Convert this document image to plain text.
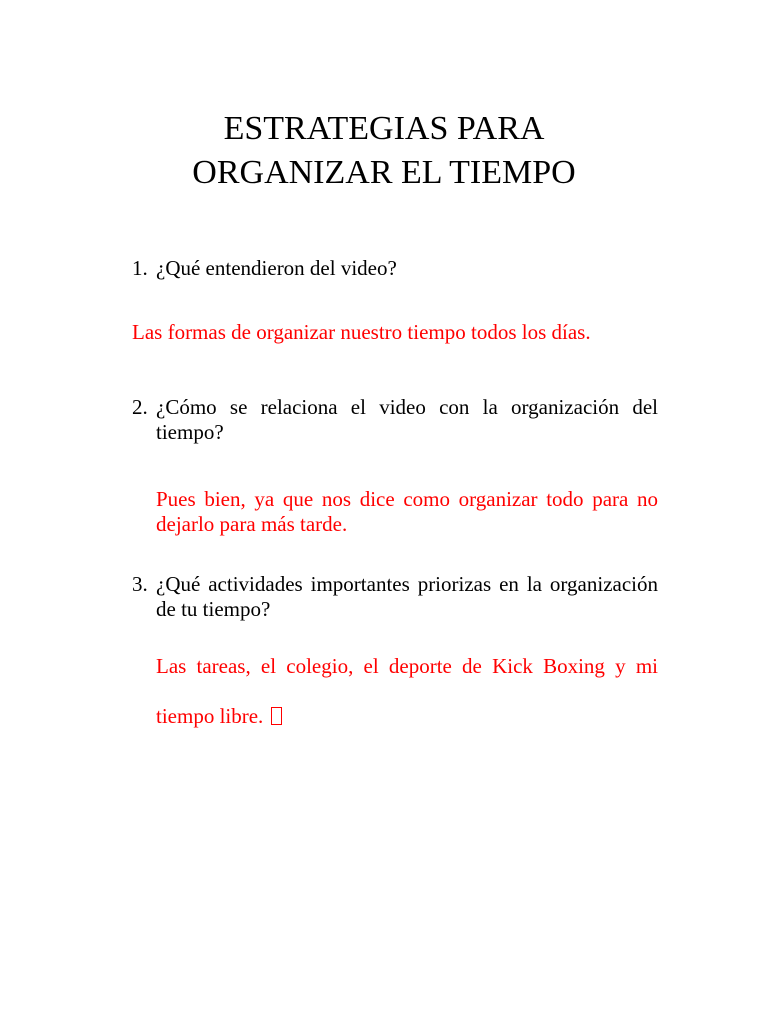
ESTRATEGIAS PARA
ORGANIZAR EL TIEMPO
1. ¿Qué entendieron del video?
Las formas de organizar nuestro tiempo todos los días.
2. ¿Cómo se relaciona el video con la organización del tiempo?
Pues bien, ya que nos dice como organizar todo para no dejarlo para más tarde.
3. ¿Qué actividades importantes priorizas en la organización de tu tiempo?
Las tareas, el colegio, el deporte de Kick Boxing y mi
tiempo libre.
